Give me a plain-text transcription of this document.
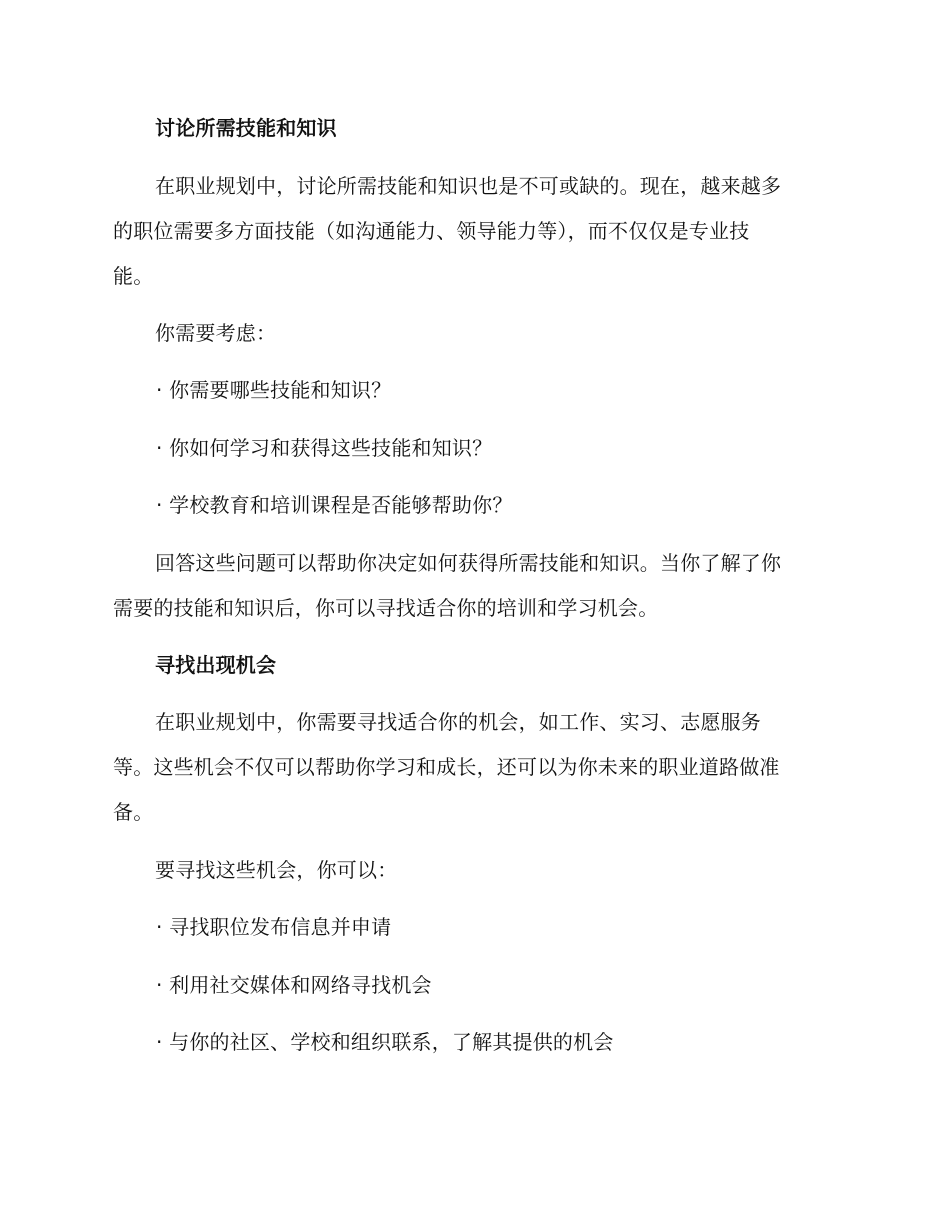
讨论所需技能和知识
在职业规划中，讨论所需技能和知识也是不可或缺的。现在，越来越多
的职位需要多方面技能（如沟通能力、领导能力等），而不仅仅是专业技
能。
你需要考虑：
· 你需要哪些技能和知识？
· 你如何学习和获得这些技能和知识？
· 学校教育和培训课程是否能够帮助你？
回答这些问题可以帮助你决定如何获得所需技能和知识。当你了解了你
需要的技能和知识后，你可以寻找适合你的培训和学习机会。
寻找出现机会
在职业规划中，你需要寻找适合你的机会，如工作、实习、志愿服务
等。这些机会不仅可以帮助你学习和成长，还可以为你未来的职业道路做准
备。
要寻找这些机会，你可以：
· 寻找职位发布信息并申请
· 利用社交媒体和网络寻找机会
· 与你的社区、学校和组织联系，了解其提供的机会
